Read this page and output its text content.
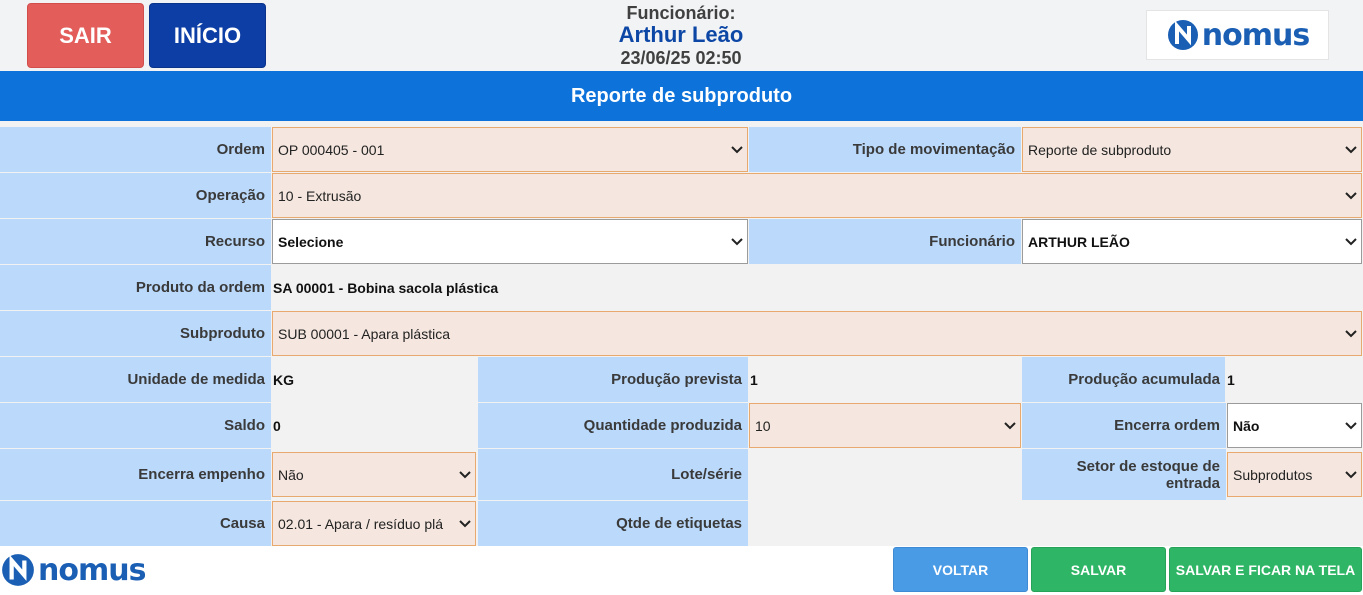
SAIR	INÍCIO
Funcionário:
Arthur Leão
23/06/25 02:50
nomus
Reporte de subproduto
Ordem OP 000405 - 001	Tipo de movimentação Reporte de subproduto
Operação 10 - Extrusão
Recurso Selecione	Funcionário ARTHUR LEÃO
Produto da ordem SA 00001 - Bobina sacola plástica
Subproduto SUB 00001 - Apara plástica
Unidade de medida KG	Produção prevista 1	Produção acumulada 1
Saldo 0	Quantidade produzida 10	Encerra ordem Não
Encerra empenho Não	Lote/série	Setor de estoque de entrada Subprodutos
Causa 02.01 - Apara / resíduo plá	Qtde de etiquetas
nomus	VOLTAR	SALVAR	SALVAR E FICAR NA TELA
